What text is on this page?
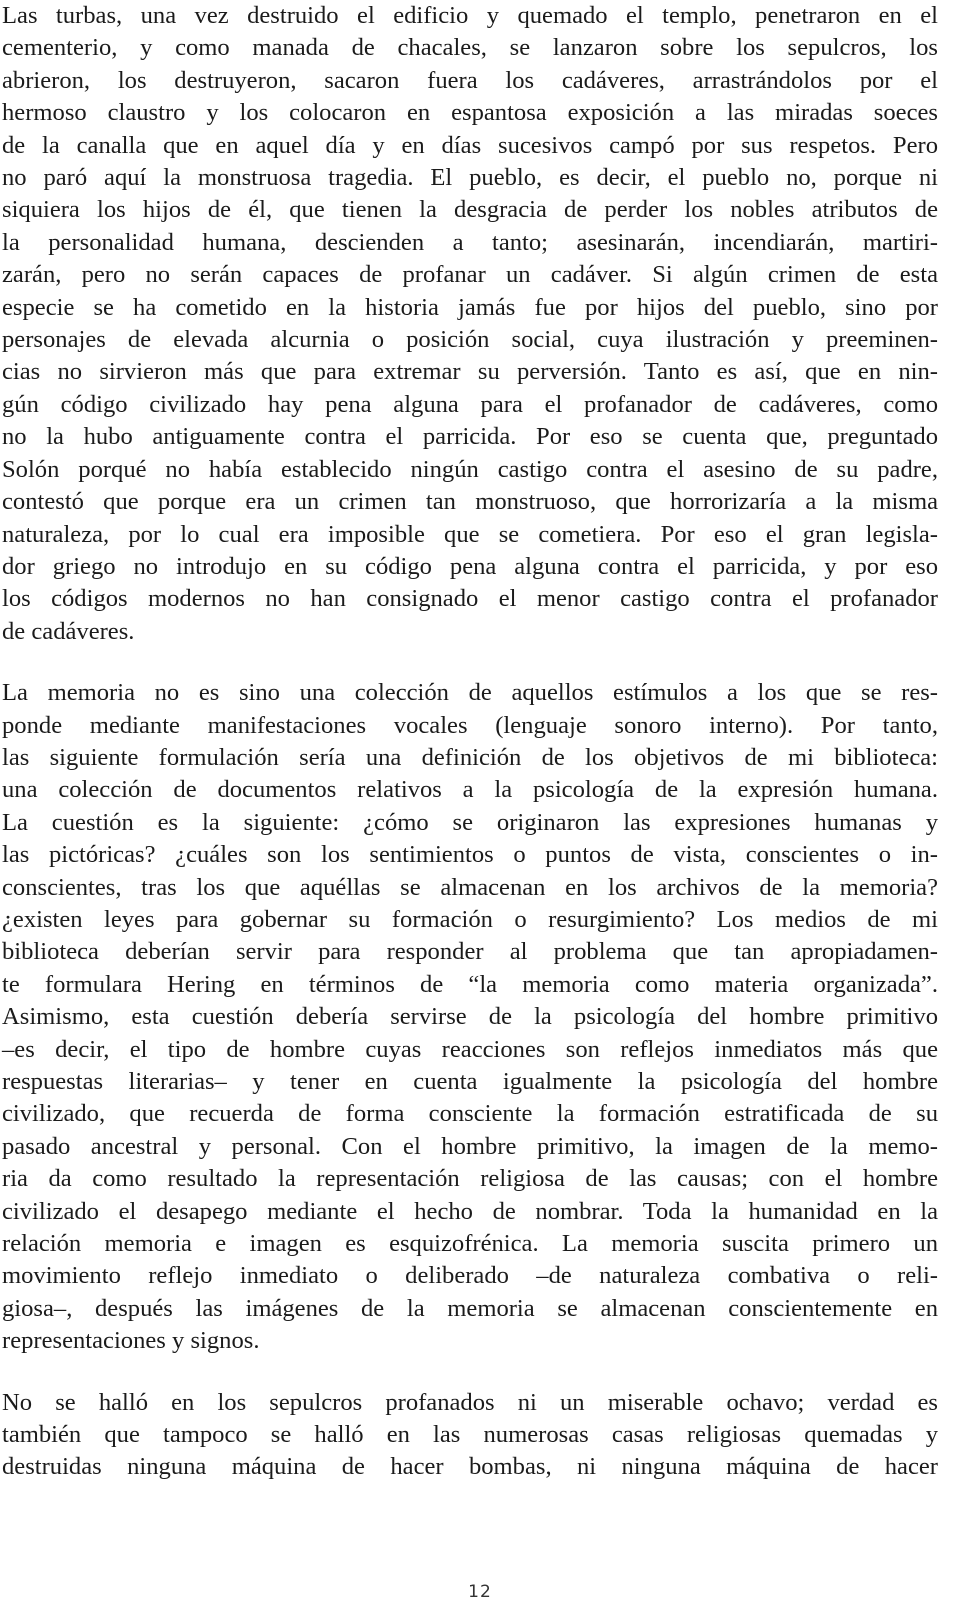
Las turbas, una vez destruido el edificio y quemado el templo, penetraron en el
cementerio, y como manada de chacales, se lanzaron sobre los sepulcros, los
abrieron, los destruyeron, sacaron fuera los cadáveres, arrastrándolos por el
hermoso claustro y los colocaron en espantosa exposición a las miradas soeces
de la canalla que en aquel día y en días sucesivos campó por sus respetos. Pero
no paró aquí la monstruosa tragedia. El pueblo, es decir, el pueblo no, porque ni
siquiera los hijos de él, que tienen la desgracia de perder los nobles atributos de
la personalidad humana, descienden a tanto; asesinarán, incendiarán, martiri-
zarán, pero no serán capaces de profanar un cadáver. Si algún crimen de esta
especie se ha cometido en la historia jamás fue por hijos del pueblo, sino por
personajes de elevada alcurnia o posición social, cuya ilustración y preeminen-
cias no sirvieron más que para extremar su perversión. Tanto es así, que en nin-
gún código civilizado hay pena alguna para el profanador de cadáveres, como
no la hubo antiguamente contra el parricida. Por eso se cuenta que, preguntado
Solón porqué no había establecido ningún castigo contra el asesino de su padre,
contestó que porque era un crimen tan monstruoso, que horrorizaría a la misma
naturaleza, por lo cual era imposible que se cometiera. Por eso el gran legisla-
dor griego no introdujo en su código pena alguna contra el parricida, y por eso
los códigos modernos no han consignado el menor castigo contra el profanador
de cadáveres.

La memoria no es sino una colección de aquellos estímulos a los que se res-
ponde mediante manifestaciones vocales (lenguaje sonoro interno). Por tanto,
las siguiente formulación sería una definición de los objetivos de mi biblioteca:
una colección de documentos relativos a la psicología de la expresión humana.
La cuestión es la siguiente: ¿cómo se originaron las expresiones humanas y
las pictóricas? ¿cuáles son los sentimientos o puntos de vista, conscientes o in-
conscientes, tras los que aquéllas se almacenan en los archivos de la memoria?
¿existen leyes para gobernar su formación o resurgimiento? Los medios de mi
biblioteca deberían servir para responder al problema que tan apropiadamen-
te formulara Hering en términos de “la memoria como materia organizada”.
Asimismo, esta cuestión debería servirse de la psicología del hombre primitivo
–es decir, el tipo de hombre cuyas reacciones son reflejos inmediatos más que
respuestas literarias– y tener en cuenta igualmente la psicología del hombre
civilizado, que recuerda de forma consciente la formación estratificada de su
pasado ancestral y personal. Con el hombre primitivo, la imagen de la memo-
ria da como resultado la representación religiosa de las causas; con el hombre
civilizado el desapego mediante el hecho de nombrar. Toda la humanidad en la
relación memoria e imagen es esquizofrénica. La memoria suscita primero un
movimiento reflejo inmediato o deliberado –de naturaleza combativa o reli-
giosa–, después las imágenes de la memoria se almacenan conscientemente en
representaciones y signos.

No se halló en los sepulcros profanados ni un miserable ochavo; verdad es
también que tampoco se halló en las numerosas casas religiosas quemadas y
destruidas ninguna máquina de hacer bombas, ni ninguna máquina de hacer

12
